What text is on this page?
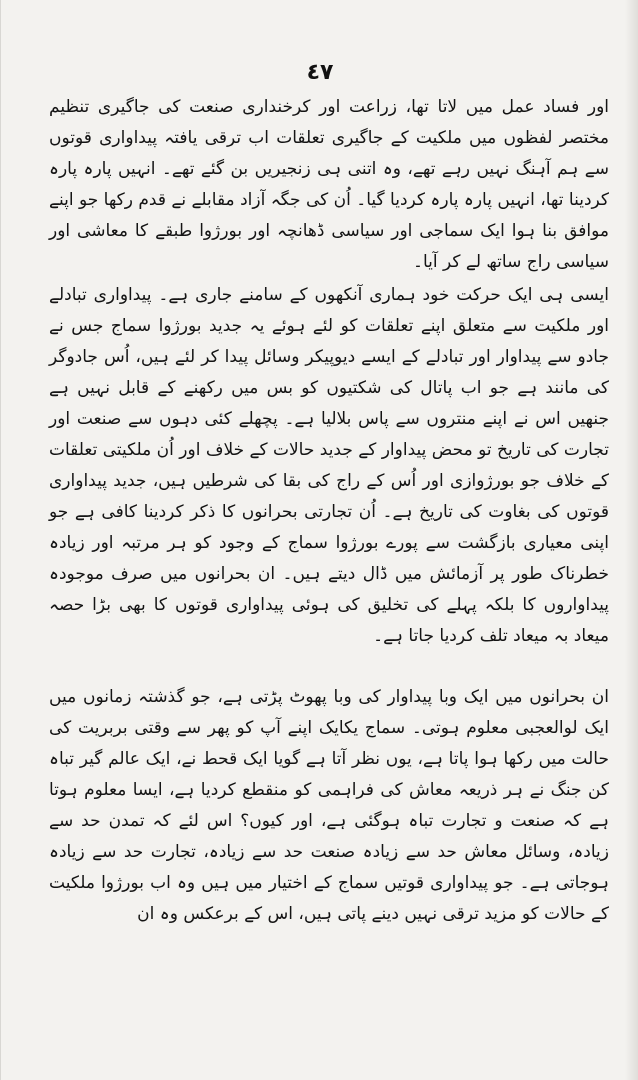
٤٧

اور فساد عمل میں لاتا تھا، زراعت اور کرخنداری صنعت کی جاگیری تنظیم مختصر لفظوں میں ملکیت کے جاگیری تعلقات اب ترقی یافتہ پیداواری قوتوں سے ہم آہنگ نہیں رہے تھے، وہ اتنی ہی زنجیریں بن گئے تھے۔ انہیں پارہ پارہ کردینا تھا، انہیں پارہ پارہ کردیا گیا۔ اُن کی جگہ آزاد مقابلے نے قدم رکھا جو اپنے موافق بنا ہوا ایک سماجی اور سیاسی ڈھانچہ اور بورژوا طبقے کا معاشی اور سیاسی راج ساتھ لے کر آیا۔

ایسی ہی ایک حرکت خود ہماری آنکھوں کے سامنے جاری ہے۔ پیداواری تبادلے اور ملکیت سے متعلق اپنے تعلقات کو لئے ہوئے یہ جدید بورژوا سماج جس نے جادو سے پیداوار اور تبادلے کے ایسے دیوپیکر وسائل پیدا کر لئے ہیں، اُس جادوگر کی مانند ہے جو اب پاتال کی شکتیوں کو بس میں رکھنے کے قابل نہیں ہے جنھیں اس نے اپنے منتروں سے پاس بلالیا ہے۔ پچھلے کئی دہوں سے صنعت اور تجارت کی تاریخ تو محض پیداوار کے جدید حالات کے خلاف اور اُن ملکیتی تعلقات کے خلاف جو بورژوازی اور اُس کے راج کی بقا کی شرطیں ہیں، جدید پیداواری قوتوں کی بغاوت کی تاریخ ہے۔ اُن تجارتی بحرانوں کا ذکر کردینا کافی ہے جو اپنی معیاری بازگشت سے پورے بورژوا سماج کے وجود کو ہر مرتبہ اور زیادہ خطرناک طور پر آزمائش میں ڈال دیتے ہیں۔ ان بحرانوں میں صرف موجودہ پیداواروں کا بلکہ پہلے کی تخلیق کی ہوئی پیداواری قوتوں کا بھی بڑا حصہ میعاد بہ میعاد تلف کردیا جاتا ہے۔

ان بحرانوں میں ایک وبا پیداوار کی وبا پھوٹ پڑتی ہے، جو گذشتہ زمانوں میں ایک لوالعجبی معلوم ہوتی۔ سماج یکایک اپنے آپ کو پھر سے وقتی بربریت کی حالت میں رکھا ہوا پاتا ہے، یوں نظر آتا ہے گویا ایک قحط نے، ایک عالم گیر تباہ کن جنگ نے ہر ذریعہ معاش کی فراہمی کو منقطع کردیا ہے، ایسا معلوم ہوتا ہے کہ صنعت و تجارت تباہ ہوگئی ہے، اور کیوں؟ اس لئے کہ تمدن حد سے زیادہ، وسائل معاش حد سے زیادہ صنعت حد سے زیادہ، تجارت حد سے زیادہ ہوجاتی ہے۔ جو پیداواری قوتیں سماج کے اختیار میں ہیں وہ اب بورژوا ملکیت کے حالات کو مزید ترقی نہیں دینے پاتی ہیں، اس کے برعکس وہ ان
